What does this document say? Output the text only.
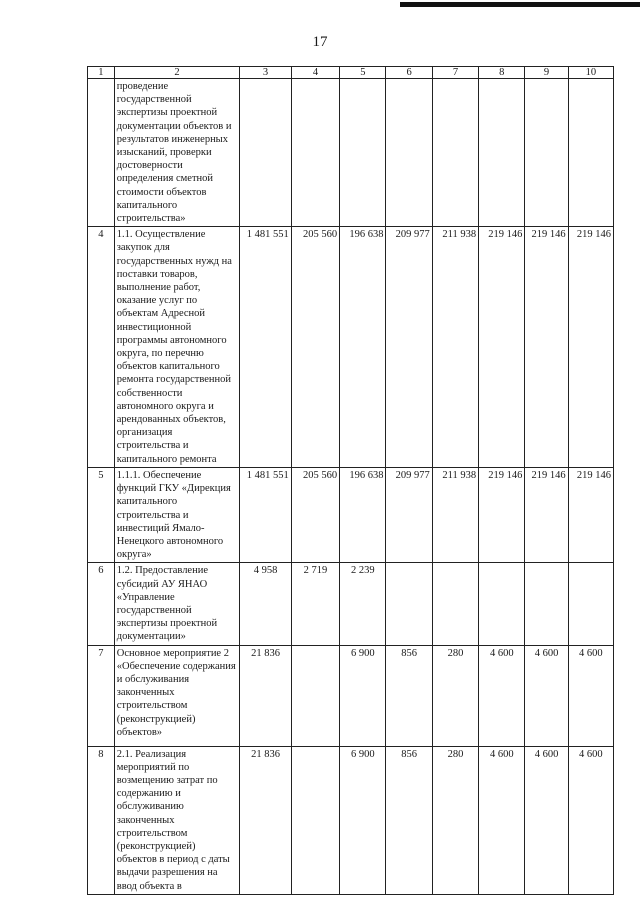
17
1	2	3	4	5	6	7	8	9	10
	проведение государственной экспертизы проектной документации объектов и результатов инженерных изысканий, проверки достоверности определения сметной стоимости объектов капитального строительства»								
4	1.1. Осуществление закупок для государственных нужд на поставки товаров, выполнение работ, оказание услуг по объектам Адресной инвестиционной программы автономного округа, по перечню объектов капитального ремонта государственной собственности автономного округа и арендованных объектов, организация строительства и капитального ремонта	1 481 551	205 560	196 638	209 977	211 938	219 146	219 146	219 146
5	1.1.1. Обеспечение функций ГКУ «Дирекция капитального строительства и инвестиций Ямало-Ненецкого автономного округа»	1 481 551	205 560	196 638	209 977	211 938	219 146	219 146	219 146
6	1.2. Предоставление субсидий АУ ЯНАО «Управление государственной экспертизы проектной документации»	4 958	2 719	2 239					
7	Основное мероприятие 2 «Обеспечение содержания и обслуживания законченных строительством (реконструкцией) объектов»	21 836		6 900	856	280	4 600	4 600	4 600
8	2.1. Реализация мероприятий по возмещению затрат по содержанию и обслуживанию законченных строительством (реконструкцией) объектов в период с даты выдачи разрешения на ввод объекта в	21 836		6 900	856	280	4 600	4 600	4 600
